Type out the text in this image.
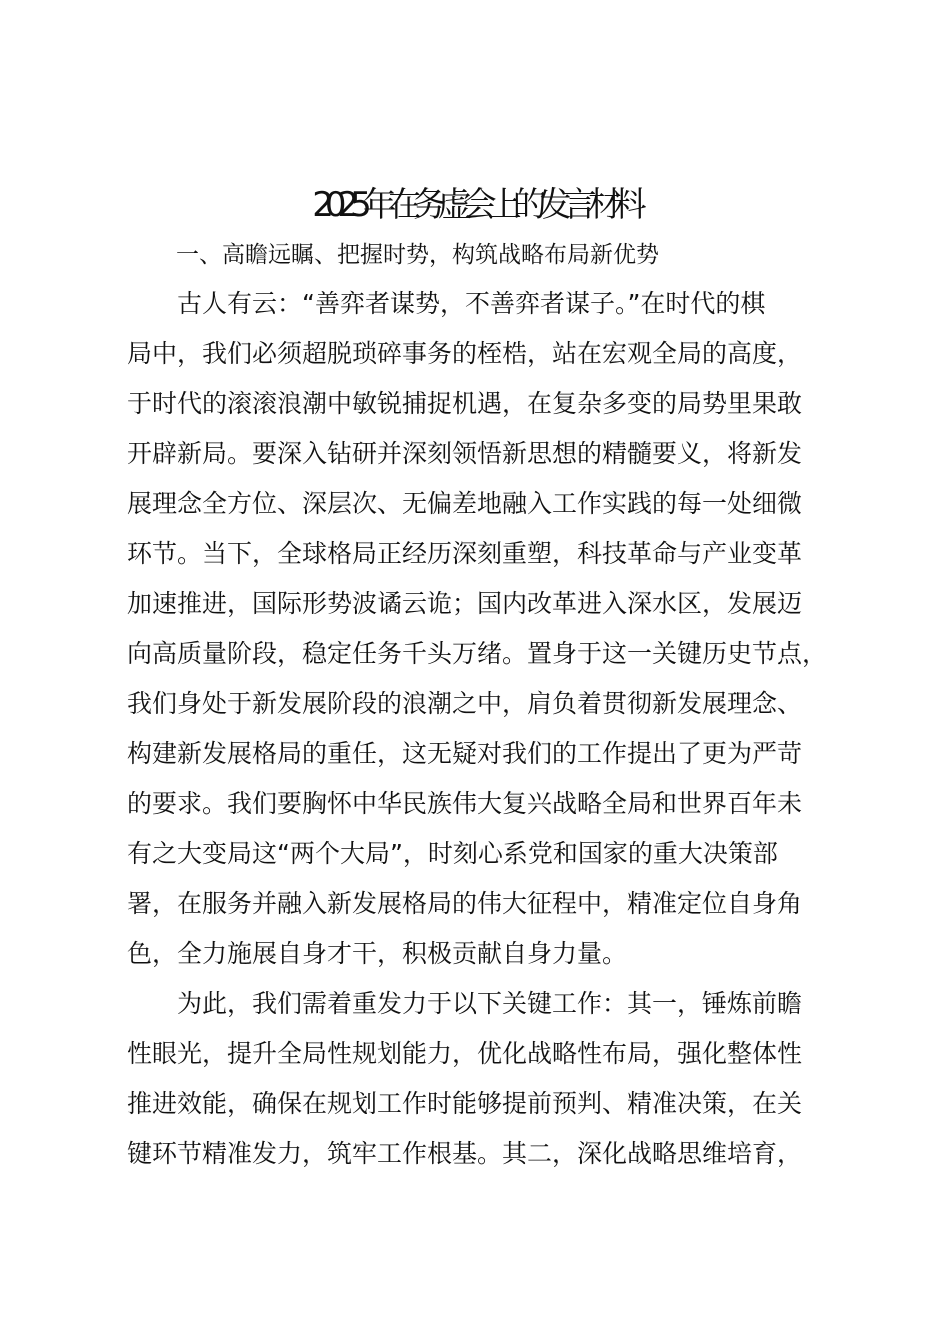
2025年在务虚会上的发言材料
一、高瞻远瞩、把握时势，构筑战略布局新优势

古人有云：“善弈者谋势，不善弈者谋子。”在时代的棋

局中，我们必须超脱琐碎事务的桎梏，站在宏观全局的高度，

于时代的滚滚浪潮中敏锐捕捉机遇，在复杂多变的局势里果敢

开辟新局。要深入钻研并深刻领悟新思想的精髓要义，将新发

展理念全方位、深层次、无偏差地融入工作实践的每一处细微

环节。当下，全球格局正经历深刻重塑，科技革命与产业变革

加速推进，国际形势波谲云诡；国内改革进入深水区，发展迈

向高质量阶段，稳定任务千头万绪。置身于这一关键历史节点，

我们身处于新发展阶段的浪潮之中，肩负着贯彻新发展理念、

构建新发展格局的重任，这无疑对我们的工作提出了更为严苛

的要求。我们要胸怀中华民族伟大复兴战略全局和世界百年未

有之大变局这“两个大局”，时刻心系党和国家的重大决策部

署，在服务并融入新发展格局的伟大征程中，精准定位自身角

色，全力施展自身才干，积极贡献自身力量。

为此，我们需着重发力于以下关键工作：其一，锤炼前瞻

性眼光，提升全局性规划能力，优化战略性布局，强化整体性

推进效能，确保在规划工作时能够提前预判、精准决策，在关

键环节精准发力，筑牢工作根基。其二，深化战略思维培育，
